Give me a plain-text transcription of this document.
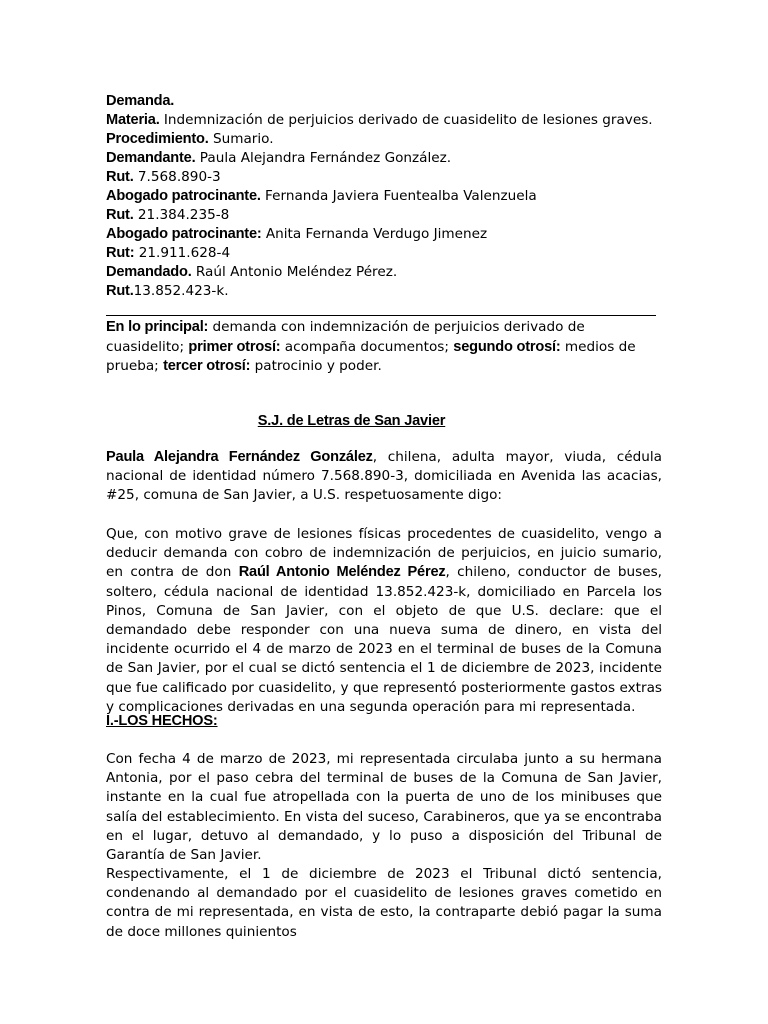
Demanda.
Materia. Indemnización de perjuicios derivado de cuasidelito de lesiones graves.
Procedimiento. Sumario.
Demandante. Paula Alejandra Fernández González.
Rut. 7.568.890-3
Abogado patrocinante. Fernanda Javiera Fuentealba Valenzuela
Rut. 21.384.235-8
Abogado patrocinante: Anita Fernanda Verdugo Jimenez
Rut: 21.911.628-4
Demandado. Raúl Antonio Meléndez Pérez.
Rut.13.852.423-k.
En lo principal: demanda con indemnización de perjuicios derivado de cuasidelito; primer otrosí: acompaña documentos; segundo otrosí: medios de prueba; tercer otrosí: patrocinio y poder.
S.J. de Letras de San Javier
Paula Alejandra Fernández González, chilena, adulta mayor, viuda, cédula nacional de identidad número 7.568.890-3, domiciliada en Avenida las acacias, #25, comuna de San Javier, a U.S. respetuosamente digo:
Que, con motivo grave de lesiones físicas procedentes de cuasidelito, vengo a deducir demanda con cobro de indemnización de perjuicios, en juicio sumario, en contra de don Raúl Antonio Meléndez Pérez, chileno, conductor de buses, soltero, cédula nacional de identidad 13.852.423-k, domiciliado en Parcela los Pinos, Comuna de San Javier, con el objeto de que U.S. declare: que el demandado debe responder con una nueva suma de dinero, en vista del incidente ocurrido el 4 de marzo de 2023 en el terminal de buses de la Comuna de San Javier, por el cual se dictó sentencia el 1 de diciembre de 2023, incidente que fue calificado por cuasidelito, y que representó posteriormente gastos extras y complicaciones derivadas en una segunda operación para mi representada.
I.-LOS HECHOS:
Con fecha 4 de marzo de 2023, mi representada circulaba junto a su hermana Antonia, por el paso cebra del terminal de buses de la Comuna de San Javier, instante en la cual fue atropellada con la puerta de uno de los minibuses que salía del establecimiento. En vista del suceso, Carabineros, que ya se encontraba en el lugar, detuvo al demandado, y lo puso a disposición del Tribunal de Garantía de San Javier.
Respectivamente, el 1 de diciembre de 2023 el Tribunal dictó sentencia, condenando al demandado por el cuasidelito de lesiones graves cometido en contra de mi representada, en vista de esto, la contraparte debió pagar la suma de doce millones quinientos
